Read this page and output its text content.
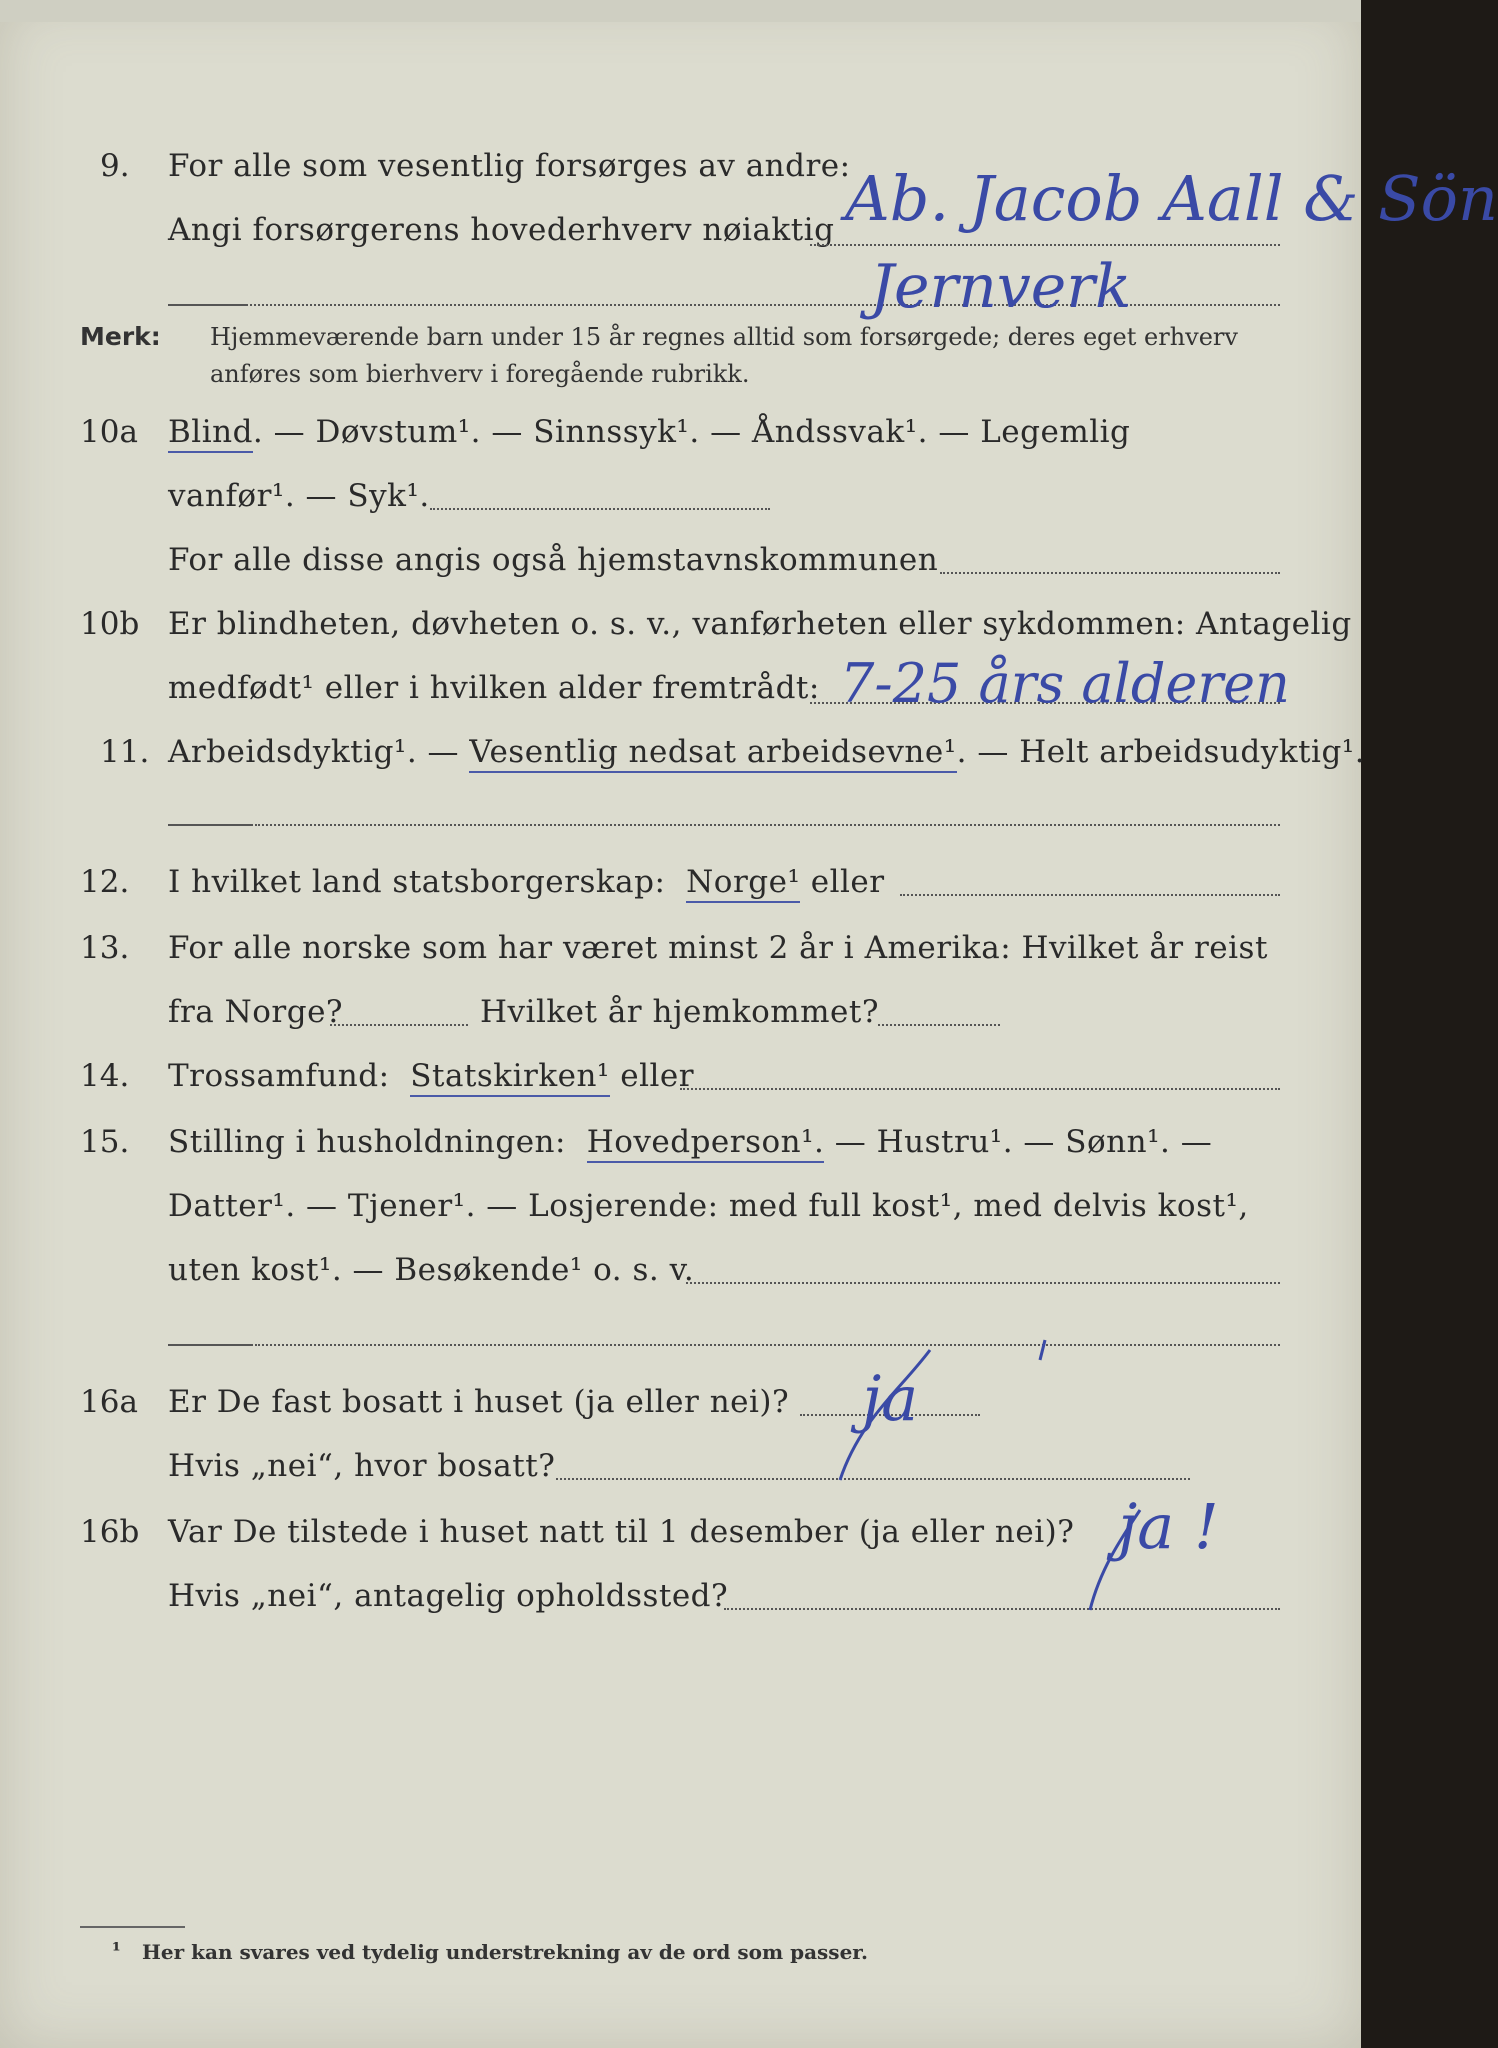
9. For alle som vesentlig forsørges av andre:
Angi forsørgerens hovederhverv nøiaktig Ab. Jacob Aall & Sön
Jernverk
Merk: Hjemmeværende barn under 15 år regnes alltid som forsørgede; deres eget erhverv
anføres som bierhverv i foregående rubrikk.
10a Blind. — Døvstum¹. — Sinnssyk¹. — Åndssvak¹. — Legemlig
vanfør¹. — Syk¹.
For alle disse angis også hjemstavnskommunen
10b Er blindheten, døvheten o. s. v., vanførheten eller sykdommen: Antagelig
medfødt¹ eller i hvilken alder fremtrådt: 7-25 års alderen
11. Arbeidsdyktig¹. — Vesentlig nedsat arbeidsevne¹. — Helt arbeidsudyktig¹.
12. I hvilket land statsborgerskap: Norge¹ eller
13. For alle norske som har været minst 2 år i Amerika: Hvilket år reist
fra Norge?	Hvilket år hjemkommet?
14. Trossamfund: Statskirken¹ eller
15. Stilling i husholdningen: Hovedperson¹. — Hustru¹. — Sønn¹. —
Datter¹. — Tjener¹. — Losjerende: med full kost¹, med delvis kost¹,
uten kost¹. — Besøkende¹ o. s. v.
16a Er De fast bosatt i huset (ja eller nei)? ja
Hvis „nei“, hvor bosatt?
16b Var De tilstede i huset natt til 1 desember (ja eller nei)? ja !
Hvis „nei“, antagelig opholdssted?
¹ Her kan svares ved tydelig understrekning av de ord som passer.
